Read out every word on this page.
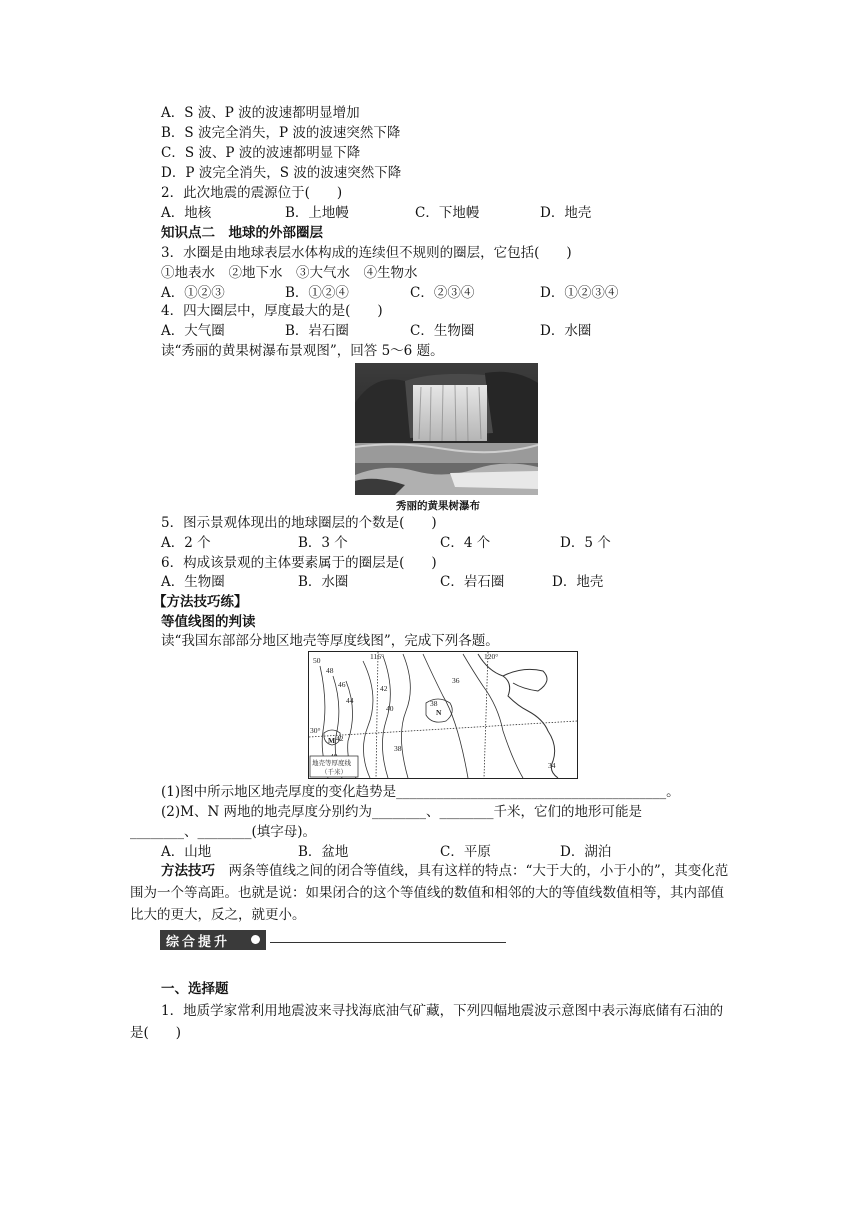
A．S 波、P 波的波速都明显增加
B．S 波完全消失，P 波的波速突然下降
C．S 波、P 波的波速都明显下降
D．P 波完全消失，S 波的波速突然下降
2．此次地震的震源位于(　　)
A．地核	B．上地幔	C．下地幔	D．地壳
知识点二　地球的外部圈层
3．水圈是由地球表层水体构成的连续但不规则的圈层，它包括(　　)
①地表水　②地下水　③大气水　④生物水
A．①②③	B．①②④	C．②③④	D．①②③④
4．四大圈层中，厚度最大的是(　　)
A．大气圈	B．岩石圈	C．生物圈	D．水圈
读“秀丽的黄果树瀑布景观图”，回答 5～6 题。
秀丽的黄果树瀑布
5．图示景观体现出的地球圈层的个数是(　　)
A．2 个	B．3 个	C．4 个	D．5 个
6．构成该景观的主体要素属于的圈层是(　　)
A．生物圈	B．水圈	C．岩石圈	D．地壳
【方法技巧练】
等值线图的判读
读“我国东部部分地区地壳等厚度线图”，完成下列各题。
50
48
46
44
42
40
38
36
42
38
34
116°	120°
30°
N
M
地壳等厚度线
（千米）
(1)图中所示地区地壳厚度的变化趋势是________________________________________。
(2)M、N 两地的地壳厚度分别约为________、________千米，它们的地形可能是
________、________(填字母)。
A．山地	B．盆地	C．平原	D．湖泊
方法技巧　 两条等值线之间的闭合等值线，具有这样的特点：“大于大的，小于小的”，其变化范围为一个等高距。也就是说：如果闭合的这个等值线的数值和相邻的大的等值线数值相等，其内部值比大的更大，反之，就更小。
综合提升
一、选择题
1．地质学家常利用地震波来寻找海底油气矿藏，下列四幅地震波示意图中表示海底储有石油的是(　　)
